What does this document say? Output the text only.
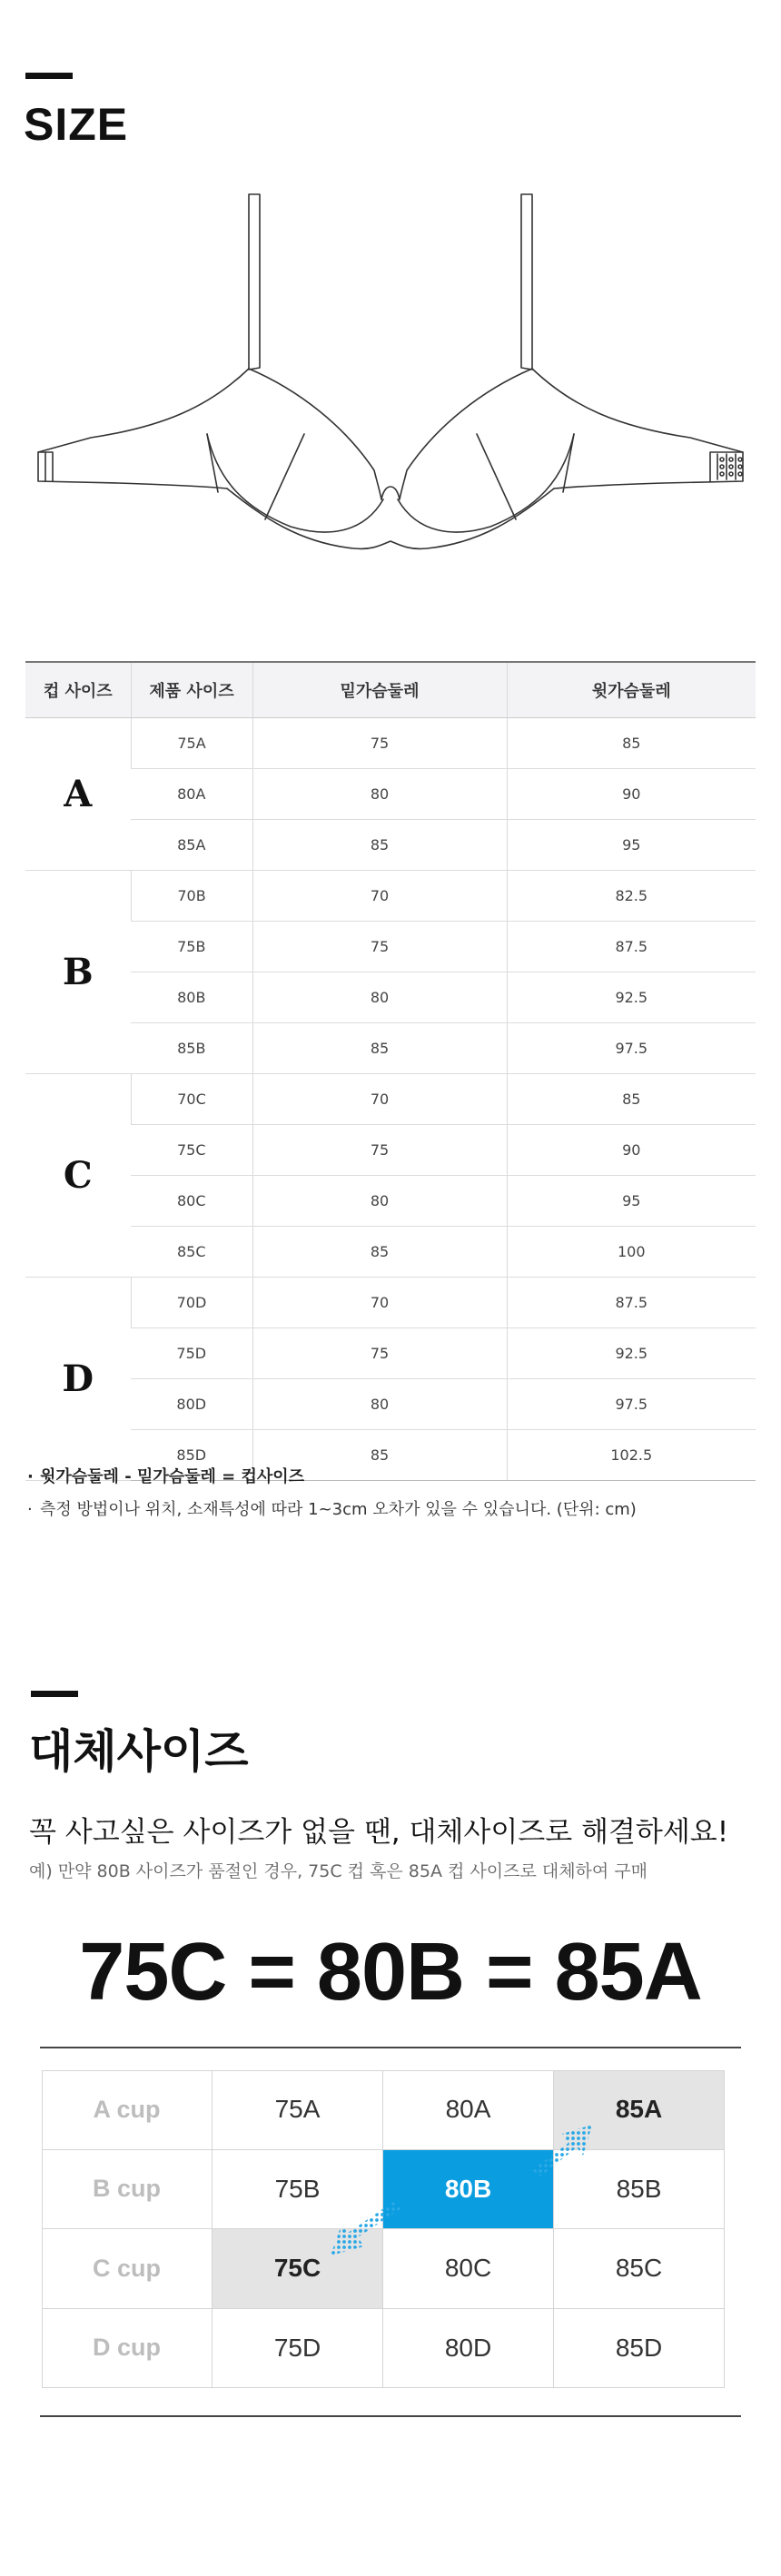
SIZE
컵 사이즈	제품 사이즈	밑가슴둘레	윗가슴둘레
A	75A	75	85
	80A	80	90
	85A	85	95
B	70B	70	82.5
	75B	75	87.5
	80B	80	92.5
	85B	85	97.5
C	70C	70	85
	75C	75	90
	80C	80	95
	85C	85	100
D	70D	70	87.5
	75D	75	92.5
	80D	80	97.5
	85D	85	102.5
· 윗가슴둘레 - 밑가슴둘레 = 컵사이즈
· 측정 방법이나 위치, 소재특성에 따라 1~3cm 오차가 있을 수 있습니다. (단위: cm)
대체사이즈

꼭 사고싶은 사이즈가 없을 땐, 대체사이즈로 해결하세요!

예) 만약 80B 사이즈가 품절인 경우, 75C 컵 혹은 85A 컵 사이즈로 대체하여 구매

75C = 80B = 85A
A cup	75A	80A	85A
B cup	75B	80B	85B
C cup	75C	80C	85C
D cup	75D	80D	85D
